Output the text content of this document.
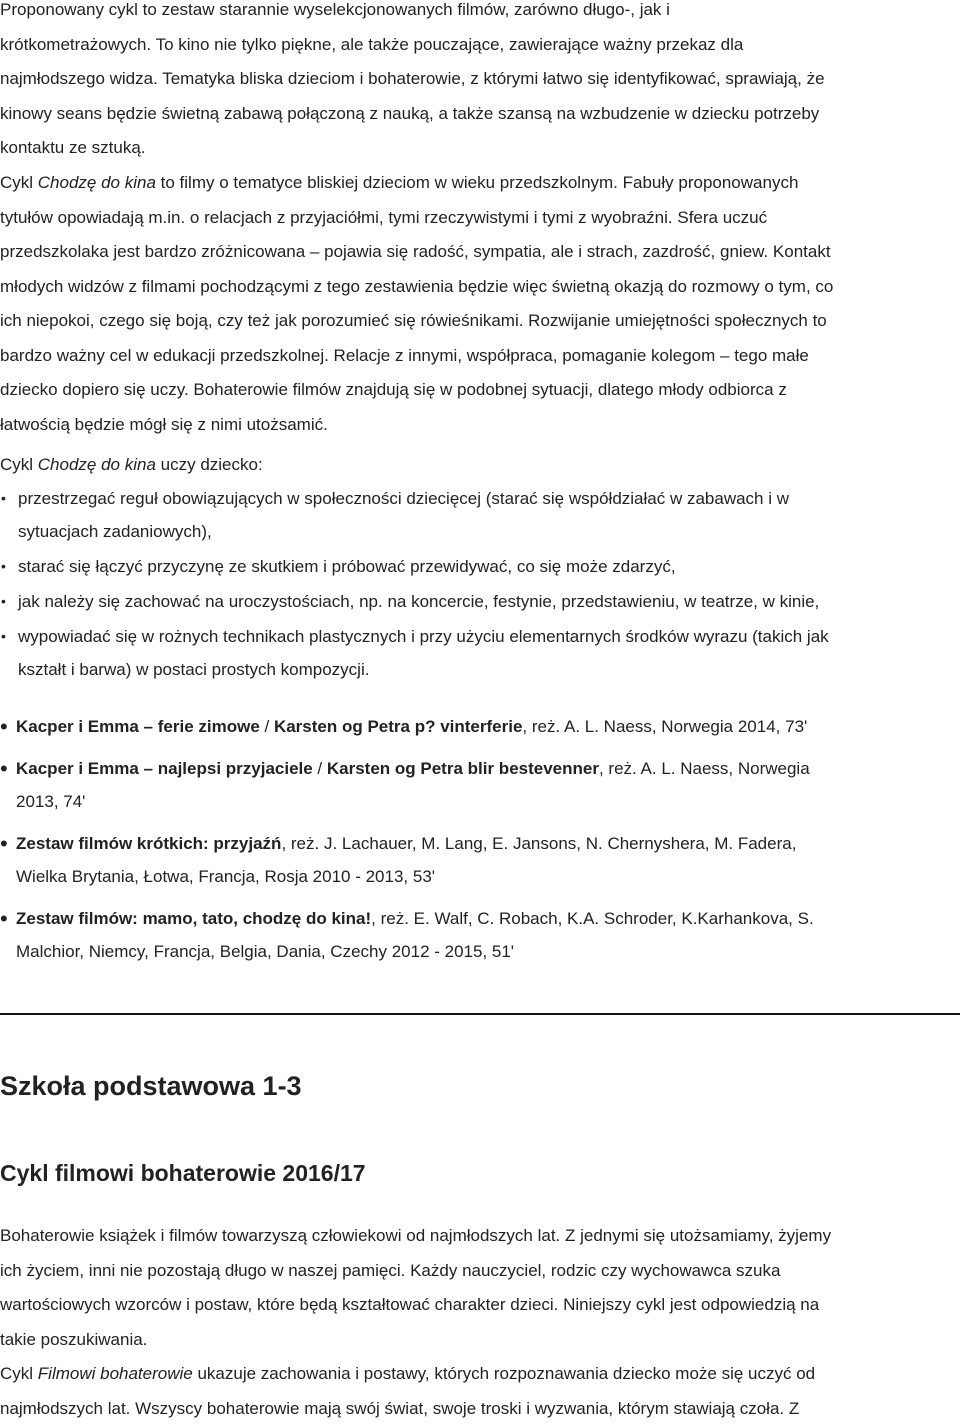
Proponowany cykl to zestaw starannie wyselekcjonowanych filmów, zarówno długo-, jak i

krótkometrażowych. To kino nie tylko piękne, ale także pouczające, zawierające ważny przekaz dla

najmłodszego widza. Tematyka bliska dzieciom i bohaterowie, z którymi łatwo się identyfikować, sprawiają, że

kinowy seans będzie świetną zabawą połączoną z nauką, a także szansą na wzbudzenie w dziecku potrzeby

kontaktu ze sztuką.

Cykl Chodzę do kina to filmy o tematyce bliskiej dzieciom w wieku przedszkolnym. Fabuły proponowanych

tytułów opowiadają m.in. o relacjach z przyjaciółmi, tymi rzeczywistymi i tymi z wyobraźni. Sfera uczuć

przedszkolaka jest bardzo zróżnicowana – pojawia się radość, sympatia, ale i strach, zazdrość, gniew. Kontakt

młodych widzów z filmami pochodzącymi z tego zestawienia będzie więc świetną okazją do rozmowy o tym, co

ich niepokoi, czego się boją, czy też jak porozumieć się rówieśnikami. Rozwijanie umiejętności społecznych to

bardzo ważny cel w edukacji przedszkolnej. Relacje z innymi, współpraca, pomaganie kolegom – tego małe

dziecko dopiero się uczy. Bohaterowie filmów znajdują się w podobnej sytuacji, dlatego młody odbiorca z

łatwością będzie mógł się z nimi utożsamić.

Cykl Chodzę do kina uczy dziecko:

• przestrzegać reguł obowiązujących w społeczności dziecięcej (starać się współdziałać w zabawach i w
sytuacjach zadaniowych),
• starać się łączyć przyczynę ze skutkiem i próbować przewidywać, co się może zdarzyć,
• jak należy się zachować na uroczystościach, np. na koncercie, festynie, przedstawieniu, w teatrze, w kinie,
• wypowiadać się w rożnych technikach plastycznych i przy użyciu elementarnych środków wyrazu (takich jak
kształt i barwa) w postaci prostych kompozycji.
• Kacper i Emma – ferie zimowe / Karsten og Petra p? vinterferie, reż. A. L. Naess, Norwegia 2014, 73'
• Kacper i Emma – najlepsi przyjaciele / Karsten og Petra blir bestevenner, reż. A. L. Naess, Norwegia
2013, 74'
• Zestaw filmów krótkich: przyjaźń, reż. J. Lachauer, M. Lang, E. Jansons, N. Chernyshera, M. Fadera,
Wielka Brytania, Łotwa, Francja, Rosja 2010 - 2013, 53'
• Zestaw filmów: mamo, tato, chodzę do kina!, reż. E. Walf, C. Robach, K.A. Schroder, K.Karhankova, S.
Malchior, Niemcy, Francja, Belgia, Dania, Czechy 2012 - 2015, 51'
Szkoła podstawowa 1-3
Cykl filmowi bohaterowie 2016/17

Bohaterowie książek i filmów towarzyszą człowiekowi od najmłodszych lat. Z jednymi się utożsamiamy, żyjemy

ich życiem, inni nie pozostają długo w naszej pamięci. Każdy nauczyciel, rodzic czy wychowawca szuka

wartościowych wzorców i postaw, które będą kształtować charakter dzieci. Niniejszy cykl jest odpowiedzią na

takie poszukiwania.

Cykl Filmowi bohaterowie ukazuje zachowania i postawy, których rozpoznawania dziecko może się uczyć od

najmłodszych lat. Wszyscy bohaterowie mają swój świat, swoje troski i wyzwania, którym stawiają czoła. Z
